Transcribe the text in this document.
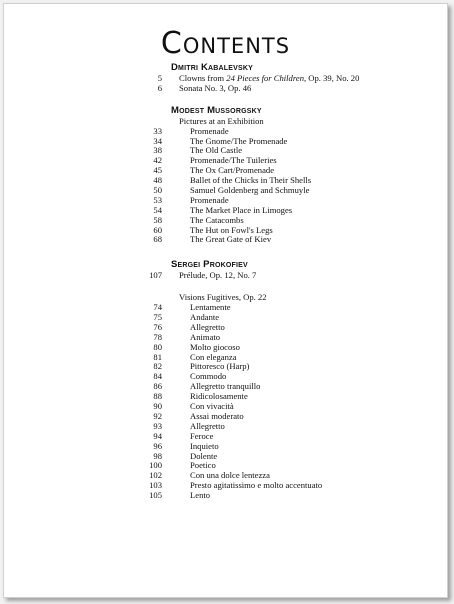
Contents
Dmitri Kabalevsky
5 Clowns from 24 Pieces for Children, Op. 39, No. 20
6 Sonata No. 3, Op. 46
Modest Mussorgsky
Pictures at an Exhibition
33	Promenade
34	The Gnome/The Promenade
38	The Old Castle
42	Promenade/The Tuileries
45	The Ox Cart/Promenade
48	Ballet of the Chicks in Their Shells
50	Samuel Goldenberg and Schmuyle
53	Promenade
54	The Market Place in Limoges
58	The Catacombs
60	The Hut on Fowl's Legs
68	The Great Gate of Kiev
Sergei Prokofiev
107 Prélude, Op. 12, No. 7
Visions Fugitives, Op. 22
74	Lentamente
75	Andante
76	Allegretto
78	Animato
80	Molto giocoso
81	Con eleganza
82	Pittoresco (Harp)
84	Commodo
86	Allegretto tranquillo
88	Ridicolosamente
90	Con vivacità
92	Assai moderato
93	Allegretto
94	Feroce
96	Inquieto
98	Dolente
100	Poetico
102	Con una dolce lentezza
103	Presto agitatissimo e molto accentuato
105	Lento
